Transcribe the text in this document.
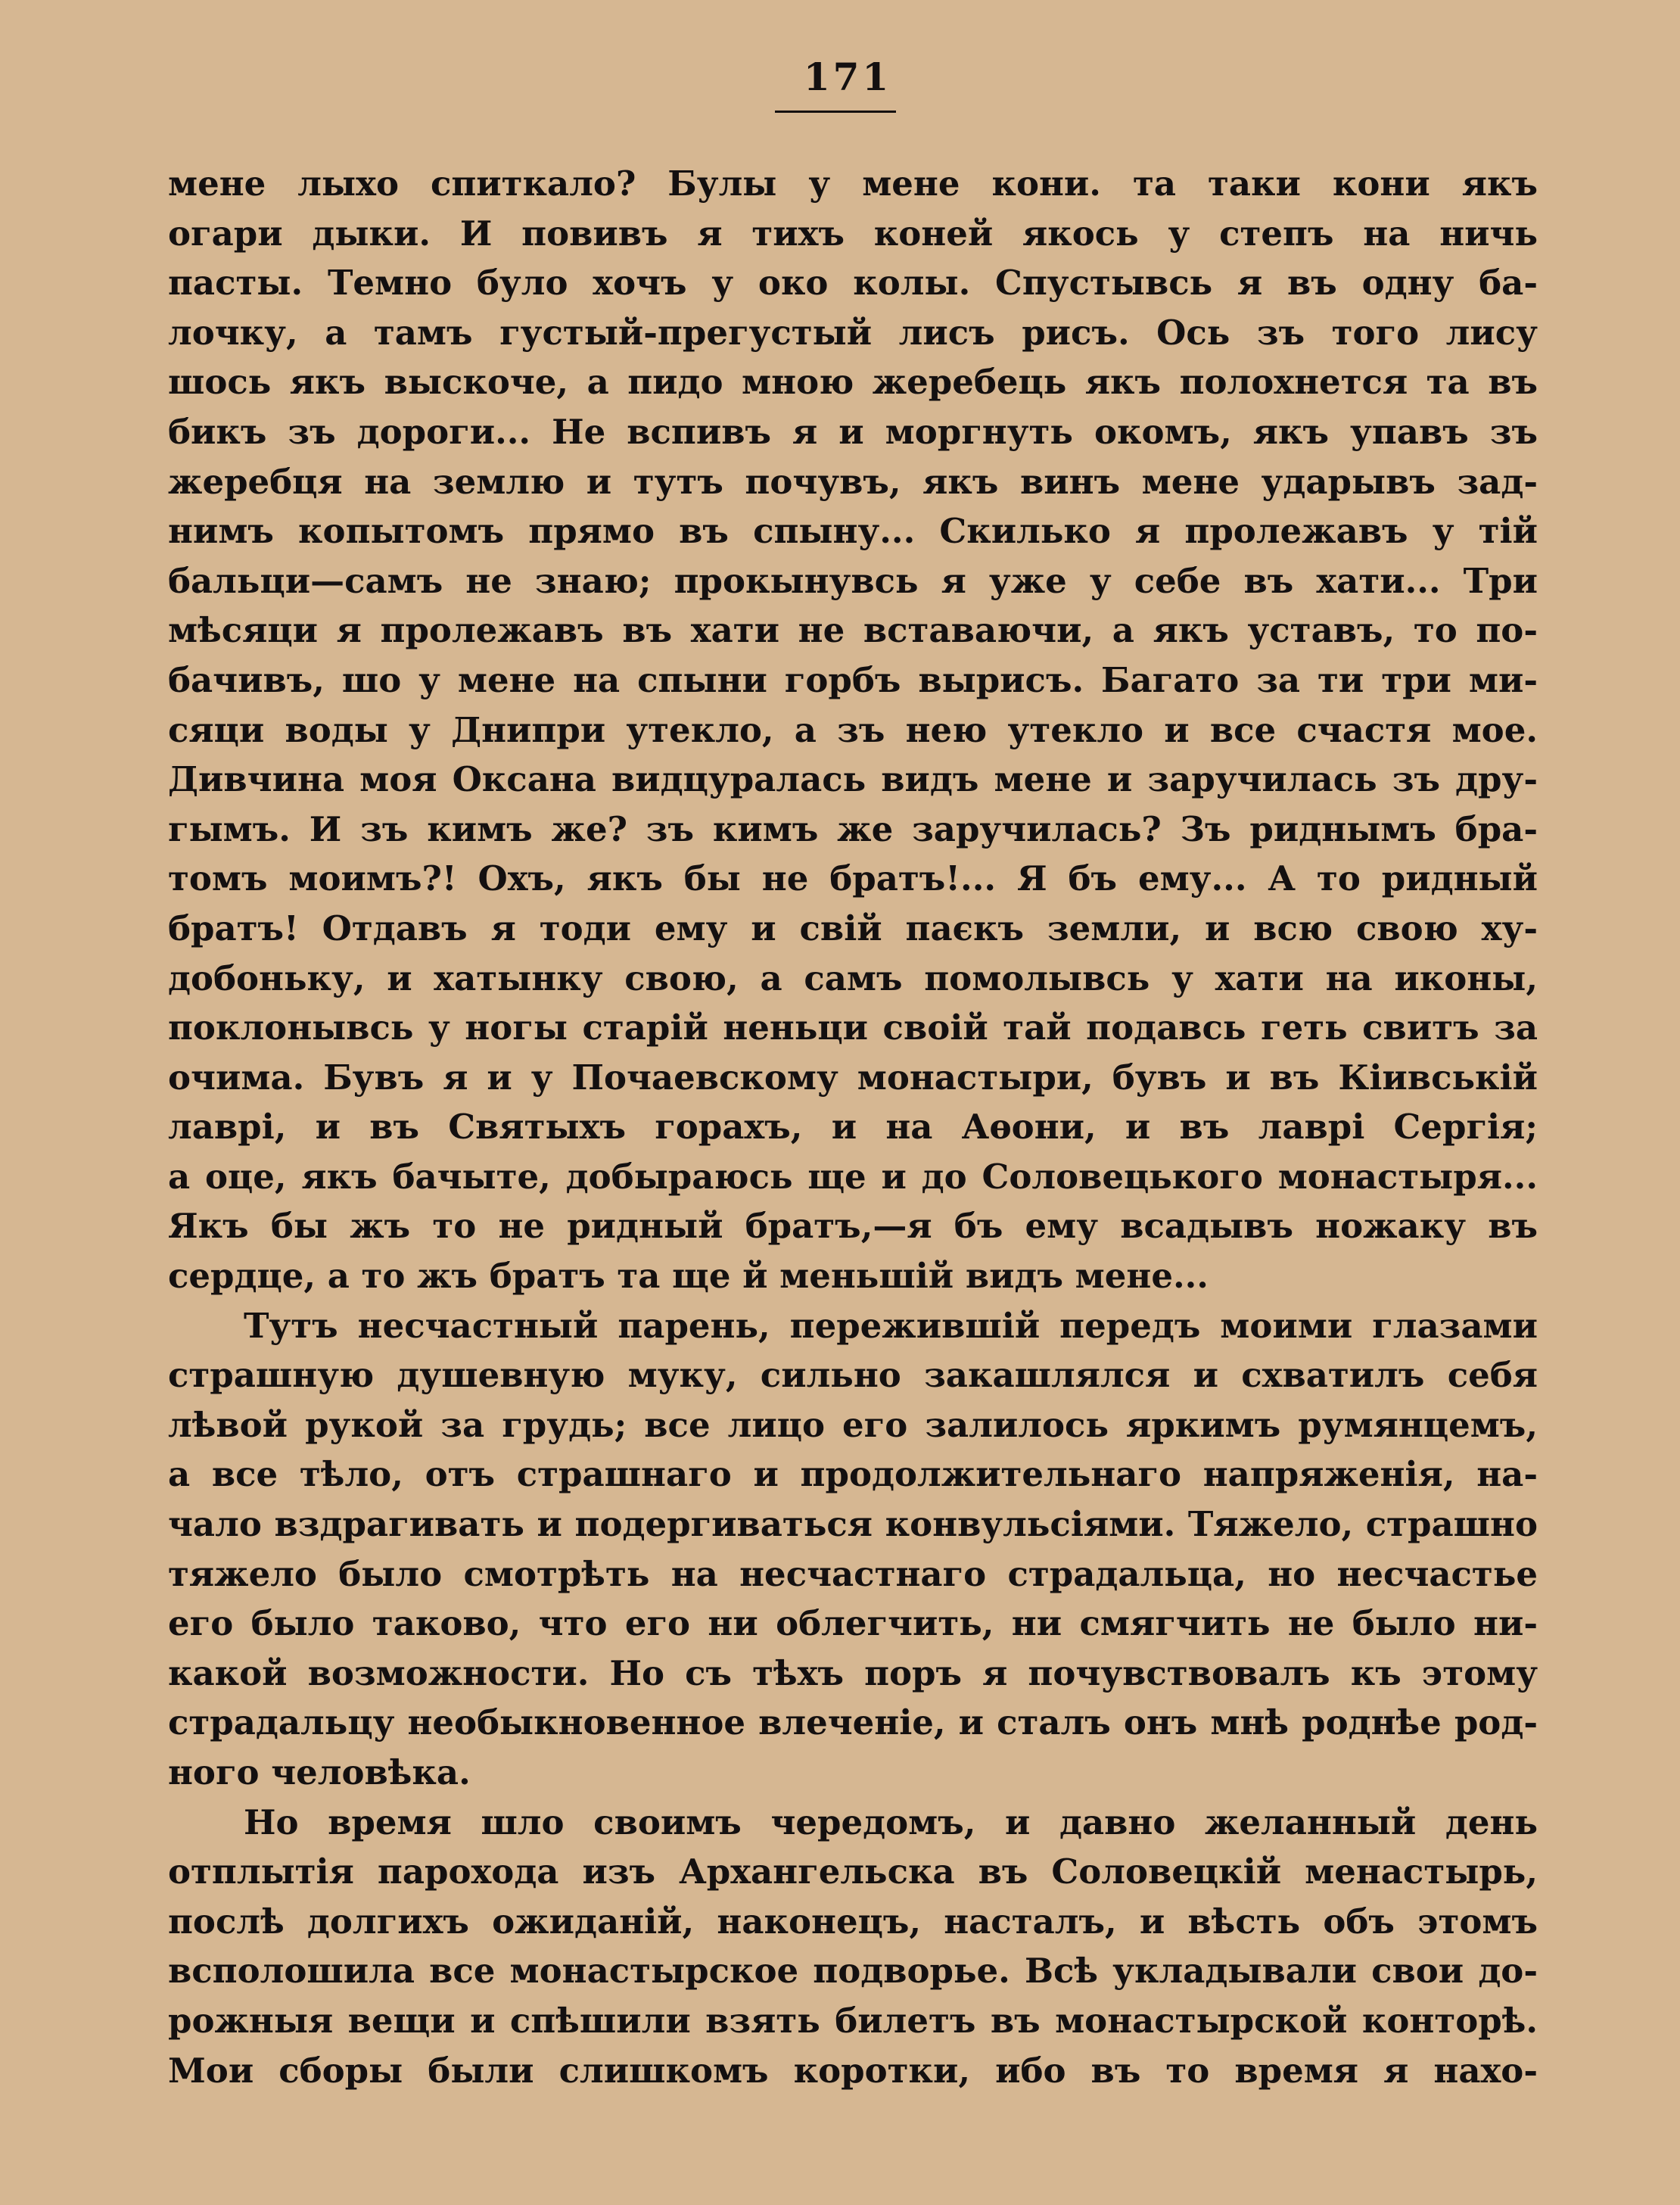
171
мене лыхо спиткало? Булы у мене кони. та таки кони якъ
огари дыки. И повивъ я тихъ коней якось у степъ на ничь
пасты. Темно було хочъ у око колы. Спустывсь я въ одну ба-
лочку, а тамъ густый-прегустый лисъ рисъ. Ось зъ того лису
шось якъ выскоче, а пидо мною жеребець якъ полохнется та въ
бикъ зъ дороги... Не вспивъ я и моргнуть окомъ, якъ упавъ зъ
жеребця на землю и тутъ почувъ, якъ винъ мене ударывъ зад-
нимъ копытомъ прямо въ спыну... Скилько я пролежавъ у тій
бальци—самъ не знаю; прокынувсь я уже у себе въ хати... Три
мѣсяци я пролежавъ въ хати не вставаючи, а якъ уставъ, то по-
бачивъ, шо у мене на спыни горбъ вырисъ. Багато за ти три ми-
сяци воды у Днипри утекло, а зъ нею утекло и все счастя мое.
Дивчина моя Оксана видцуралась видъ мене и заручилась зъ дру-
гымъ. И зъ кимъ же? зъ кимъ же заручилась? Зъ риднымъ бра-
томъ моимъ?! Охъ, якъ бы не братъ!... Я бъ ему... А то ридный
братъ! Отдавъ я тоди ему и свій паєкъ земли, и всю свою ху-
добоньку, и хатынку свою, а самъ помолывсь у хати на иконы,
поклонывсь у ногы старій неньци своій тай подавсь геть свитъ за
очима. Бувъ я и у Почаевскому монастыри, бувъ и въ Кіивській
лаврі, и въ Святыхъ горахъ, и на Аѳони, и въ лаврі Сергія;
а оце, якъ бачыте, добыраюсь ще и до Соловецького монастыря...
Якъ бы жъ то не ридный братъ,—я бъ ему всадывъ ножаку въ
сердце, а то жъ братъ та ще й меньшій видъ мене...
Тутъ несчастный парень, пережившій передъ моими глазами
страшную душевную муку, сильно закашлялся и схватилъ себя
лѣвой рукой за грудь; все лицо его залилось яркимъ румянцемъ,
а все тѣло, отъ страшнаго и продолжительнаго напряженія, на-
чало вздрагивать и подергиваться конвульсіями. Тяжело, страшно
тяжело было смотрѣть на несчастнаго страдальца, но несчастье
его было таково, что его ни облегчить, ни смягчить не было ни-
какой возможности. Но съ тѣхъ поръ я почувствовалъ къ этому
страдальцу необыкновенное влеченіе, и сталъ онъ мнѣ роднѣе род-
ного человѣка.
Но время шло своимъ чередомъ, и давно желанный день
отплытія парохода изъ Архангельска въ Соловецкій менастырь,
послѣ долгихъ ожиданій, наконецъ, насталъ, и вѣсть объ этомъ
всполошила все монастырское подворье. Всѣ укладывали свои до-
рожныя вещи и спѣшили взять билетъ въ монастырской конторѣ.
Мои сборы были слишкомъ коротки, ибо въ то время я нахо-
